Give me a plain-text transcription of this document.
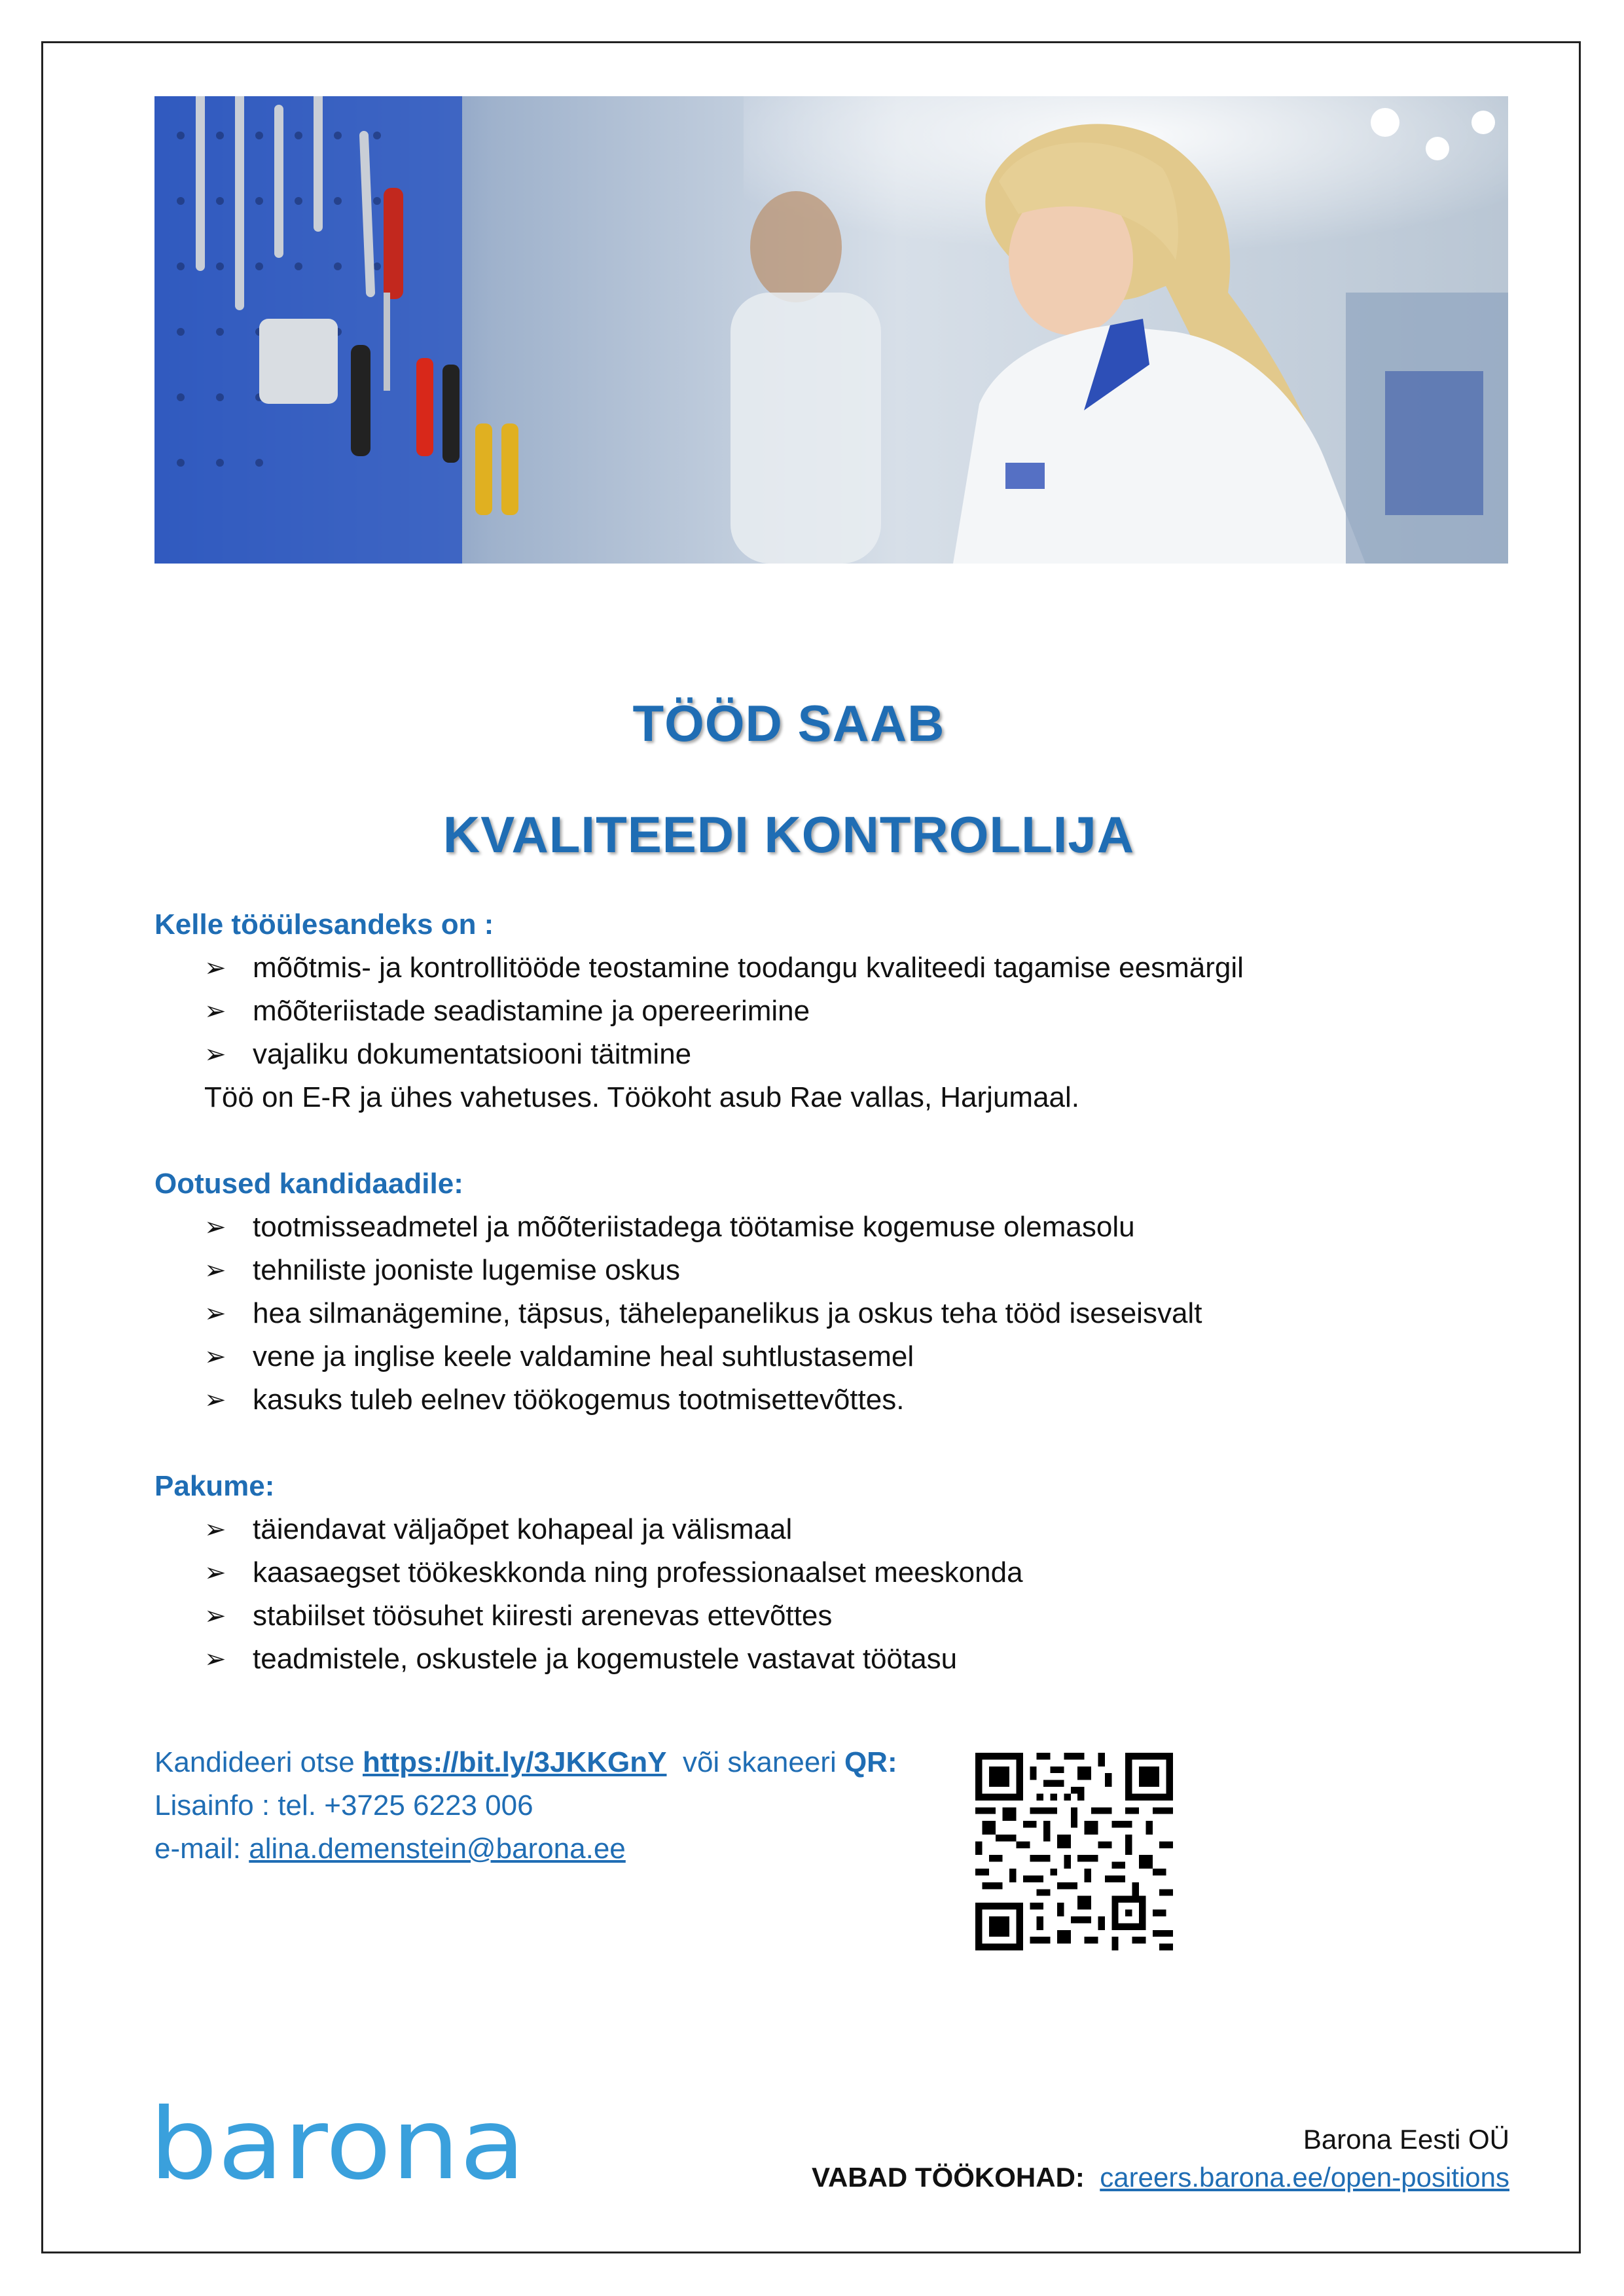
TÖÖD SAAB
KVALITEEDI KONTROLLIJA
Kelle tööülesandeks on :
➢ mõõtmis- ja kontrollitööde teostamine toodangu kvaliteedi tagamise eesmärgil
➢ mõõteriistade seadistamine ja opereerimine
➢ vajaliku dokumentatsiooni täitmine
Töö on E-R ja ühes vahetuses. Töökoht asub Rae vallas, Harjumaal.
Ootused kandidaadile:
➢ tootmisseadmetel ja mõõteriistadega töötamise kogemuse olemasolu
➢ tehniliste jooniste lugemise oskus
➢ hea silmanägemine, täpsus, tähelepanelikus ja oskus teha tööd iseseisvalt
➢ vene ja inglise keele valdamine heal suhtlustasemel
➢ kasuks tuleb eelnev töökogemus tootmisettevõttes.
Pakume:
➢ täiendavat väljaõpet kohapeal ja välismaal
➢ kaasaegset töökeskkonda ning professionaalset meeskonda
➢ stabiilset töösuhet kiiresti arenevas ettevõttes
➢ teadmistele, oskustele ja kogemustele vastavat töötasu
Kandideeri otse https://bit.ly/3JKKGnY või skaneeri QR:
Lisainfo : tel. +3725 6223 006
e-mail: alina.demenstein@barona.ee
barona	Barona Eesti OÜ
VABAD TÖÖKOHAD: careers.barona.ee/open-positions
